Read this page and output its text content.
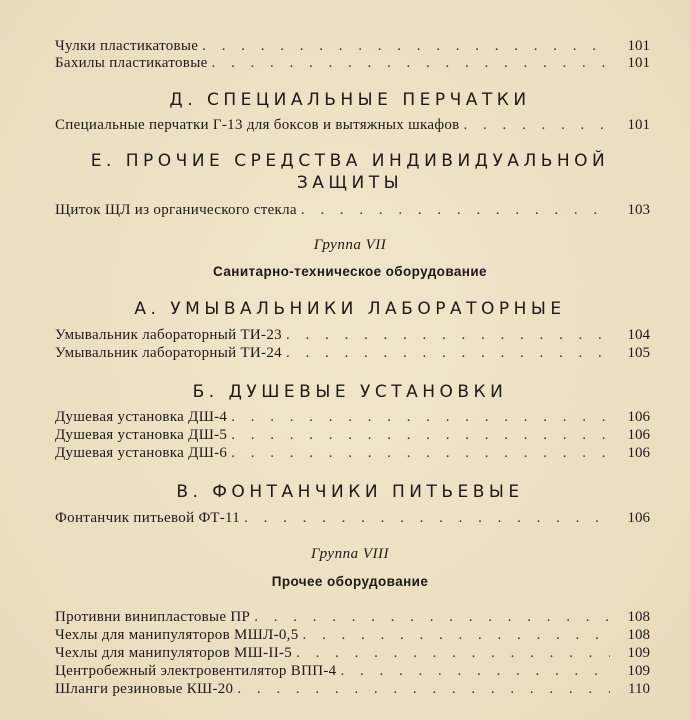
Чулки пластикатовые . . .	101
Бахилы пластикатовые . . .	101
Д. СПЕЦИАЛЬНЫЕ ПЕРЧАТКИ
Специальные перчатки Г-13 для боксов и вытяжных шкафов . . .	101
Е. ПРОЧИЕ СРЕДСТВА ИНДИВИДУАЛЬНОЙ
ЗАЩИТЫ
Щиток ЩЛ из органического стекла . . .	103
Группа VII
Санитарно-техническое оборудование
А. УМЫВАЛЬНИКИ ЛАБОРАТОРНЫЕ
Умывальник лабораторный ТИ-23 . . .	104
Умывальник лабораторный ТИ-24 . . .	105
Б. ДУШЕВЫЕ УСТАНОВКИ
Душевая установка ДШ-4 . . .	106
Душевая установка ДШ-5 . . .	106
Душевая установка ДШ-6 . . .	106
В. ФОНТАНЧИКИ ПИТЬЕВЫЕ
Фонтанчик питьевой ФТ-11 . . .	106
Группа VIII
Прочее оборудование
Противни винипластовые ПР . . .	108
Чехлы для манипуляторов МШЛ-0,5 . . .	108
Чехлы для манипуляторов МШ-II-5 . . .	109
Центробежный электровентилятор ВПП-4 . . .	109
Шланги резиновые КШ-20 . . .	110
